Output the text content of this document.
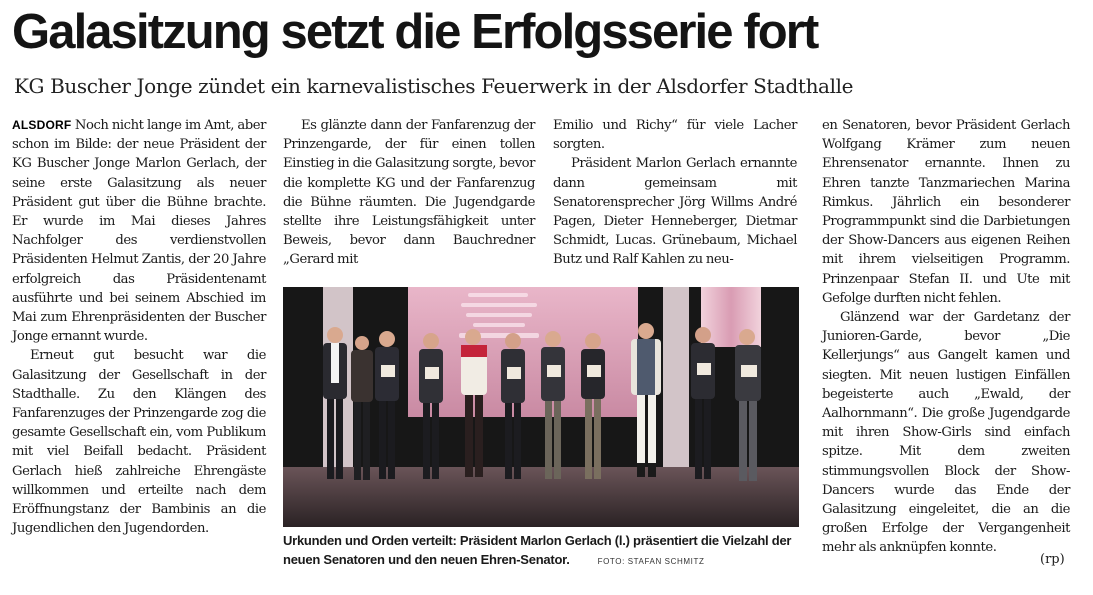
Galasitzung setzt die Erfolgsserie fort
KG Buscher Jonge zündet ein karnevalistisches Feuerwerk in der Alsdorfer Stadthalle

ALSDORF Noch nicht lange im Amt, aber schon im Bilde: der neue Präsident der KG Buscher Jonge Marlon Gerlach, der seine erste Galasitzung als neuer Präsident gut über die Bühne brachte. Er wurde im Mai dieses Jahres Nachfolger des verdienstvollen Präsidenten Helmut Zantis, der 20 Jahre erfolgreich das Präsidentenamt ausführte und bei seinem Abschied im Mai zum Ehrenpräsidenten der Buscher Jonge ernannt wurde.

Erneut gut besucht war die Galasitzung der Gesellschaft in der Stadthalle. Zu den Klängen des Fanfarenzuges der Prinzengarde zog die gesamte Gesellschaft ein, vom Publikum mit viel Beifall bedacht. Präsident Gerlach hieß zahlreiche Ehrengäste willkommen und erteilte nach dem Eröffnungstanz der Bambinis an die Jugendlichen den Jugendorden.

Es glänzte dann der Fanfarenzug der Prinzengarde, der für einen tollen Einstieg in die Galasitzung sorgte, bevor die komplette KG und der Fanfarenzug die Bühne räumten. Die Jugendgarde stellte ihre Leistungsfähigkeit unter Beweis, bevor dann Bauchredner „Gerard mit

Emilio und Richy“ für viele Lacher sorgten.

Präsident Marlon Gerlach ernannte dann gemeinsam mit Senatorensprecher Jörg Willms André Pagen, Dieter Henneberger, Dietmar Schmidt, Lucas. Grünebaum, Michael Butz und Ralf Kahlen zu neu-

en Senatoren, bevor Präsident Gerlach Wolfgang Krämer zum neuen Ehrensenator ernannte. Ihnen zu Ehren tanzte Tanzmariechen Marina Rimkus. Jährlich ein besonderer Programmpunkt sind die Darbietungen der Show-Dancers aus eigenen Reihen mit ihrem vielseitigen Programm. Prinzenpaar Stefan II. und Ute mit Gefolge durften nicht fehlen.

Glänzend war der Gardetanz der Junioren-Garde, bevor „Die Kellerjungs“ aus Gangelt kamen und siegten. Mit neuen lustigen Einfällen begeisterte auch „Ewald, der Aalhornmann“. Die große Jugendgarde mit ihren Show-Girls sind einfach spitze. Mit dem zweiten stimmungsvollen Block der Show-Dancers wurde das Ende der Galasitzung eingeleitet, die an die großen Erfolge der Vergangenheit mehr als anknüpfen konnte.

Urkunden und Orden verteilt: Präsident Marlon Gerlach (l.) präsentiert die Vielzahl der neuen Senatoren und den neuen Ehren-Senator.	FOTO: STAFAN SCHMITZ	(rp)
